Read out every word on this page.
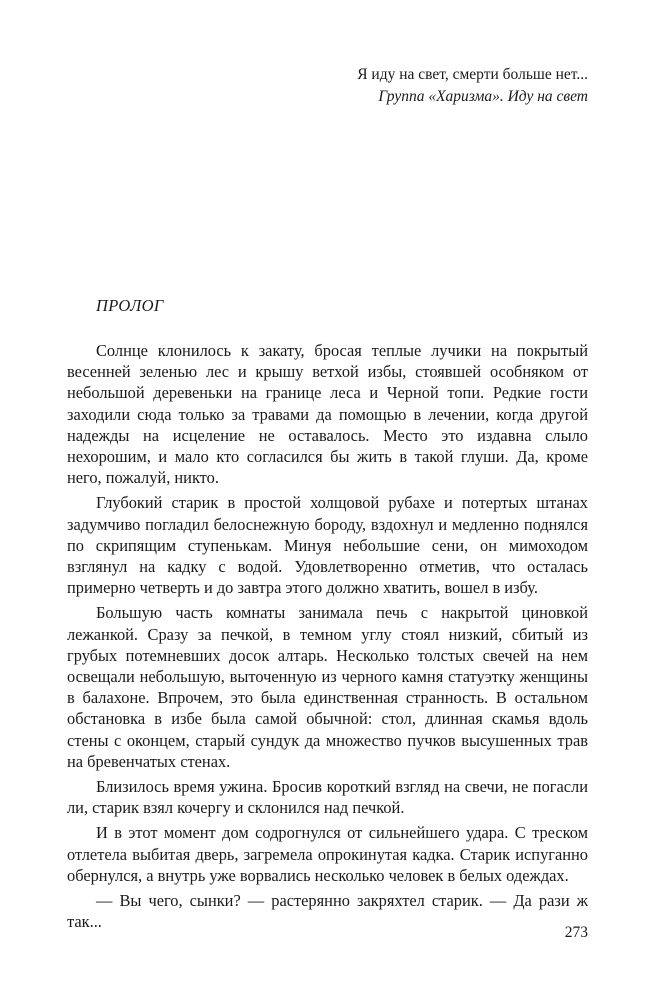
Я иду на свет, смерти больше нет...
Группа «Харизма». Иду на свет
ПРОЛОГ

Солнце клонилось к закату, бросая теплые лучики на покрытый весенней зеленью лес и крышу ветхой избы, стоявшей особняком от небольшой деревеньки на границе леса и Черной топи. Редкие гости заходили сюда только за травами да помощью в лечении, когда другой надежды на исцеление не оставалось. Место это издавна слыло нехорошим, и мало кто согласился бы жить в такой глуши. Да, кроме него, пожалуй, никто.

Глубокий старик в простой холщовой рубахе и потертых штанах задумчиво погладил белоснежную бороду, вздохнул и медленно поднялся по скрипящим ступенькам. Минуя небольшие сени, он мимоходом взглянул на кадку с водой. Удовлетворенно отметив, что осталась примерно четверть и до завтра этого должно хватить, вошел в избу.

Большую часть комнаты занимала печь с накрытой циновкой лежанкой. Сразу за печкой, в темном углу стоял низкий, сбитый из грубых потемневших досок алтарь. Несколько толстых свечей на нем освещали небольшую, выточенную из черного камня статуэтку женщины в балахоне. Впрочем, это была единственная странность. В остальном обстановка в избе была самой обычной: стол, длинная скамья вдоль стены с оконцем, старый сундук да множество пучков высушенных трав на бревенчатых стенах.

Близилось время ужина. Бросив короткий взгляд на свечи, не погасли ли, старик взял кочергу и склонился над печкой.

И в этот момент дом содрогнулся от сильнейшего удара. С треском отлетела выбитая дверь, загремела опрокинутая кадка. Старик испуганно обернулся, а внутрь уже ворвались несколько человек в белых одеждах.

— Вы чего, сынки? — растерянно закряхтел старик. — Да рази ж так...

273
